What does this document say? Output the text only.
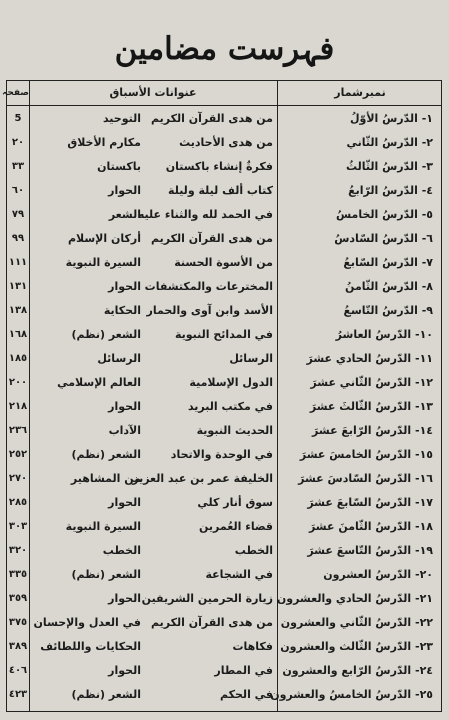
فہرست مضامین
نمبرشمار
عنوانات الأسباق
صفحہ
١- الدّرسُ الأوّلُ
من هدى القرآن الكريم
التوحيد
5
٢- الدّرسُ الثّاني
من هدى الأحاديث
مكارم الأخلاق
٢٠
٣- الدّرسُ الثّالثُ
فكرةٌ إنشاء باكستان
باكستان
٣٣
٤- الدّرسُ الرّابعُ
كتاب ألف ليلة وليلة
الحوار
٦٠
٥- الدّرسُ الخامسُ
في الحمد لله والثناء عليه
الشعر
٧٩
٦- الدّرسُ السّادسُ
من هدى القرآن الكريم
أركان الإسلام
٩٩
٧- الدّرسُ السّابعُ
من الأسوة الحسنة
السيرة النبوية
١١١
٨- الدّرسُ الثّامنُ
المخترعات والمكتشفات
الحوار
١٣١
٩- الدّرسُ التّاسعُ
الأسد وابن آوى والحمار
الحكاية
١٣٨
١٠- الدّرسُ العاشرُ
في المدائح النبوية
الشعر (نظم)
١٦٨
١١- الدّرسُ الحادي عشرَ
الرسائل
الرسائل
١٨٥
١٢- الدّرسُ الثّاني عشرَ
الدول الإسلامية
العالم الإسلامي
٢٠٠
١٣- الدّرسُ الثّالثَ عشرَ
في مكتب البريد
الحوار
٢١٨
١٤- الدّرسُ الرّابعَ عشرَ
الحديث النبوية
الآداب
٢٣٦
١٥- الدّرسُ الخامسَ عشرَ
في الوحدة والاتحاد
الشعر (نظم)
٢٥٢
١٦- الدّرسُ السّادسَ عشرَ
الخليفة عمر بن عبد العزيز
من المشاهير
٢٧٠
١٧- الدّرسُ السّابعَ عشرَ
سوق أنار كلي
الحوار
٢٨٥
١٨- الدّرسُ الثّامنَ عشرَ
قضاء العُمرين
السيرة النبوية
٣٠٣
١٩- الدّرسُ التّاسعَ عشرَ
الخطب
الخطب
٣٢٠
٢٠- الدّرسُ العشرون
في الشجاعة
الشعر (نظم)
٣٣٥
٢١- الدّرسُ الحادي والعشرون
زيارة الحرمين الشريفين
الحوار
٣٥٩
٢٢- الدّرسُ الثّاني والعشرون
من هدى القرآن الكريم
في العدل والإحسان
٣٧٥
٢٣- الدّرسُ الثّالث والعشرون
فكاهات
الحكايات واللطائف
٣٨٩
٢٤- الدّرسُ الرّابع والعشرون
في المطار
الحوار
٤٠٦
٢٥- الدّرسُ الخامسُ والعشرون
في الحكم
الشعر (نظم)
٤٢٣
